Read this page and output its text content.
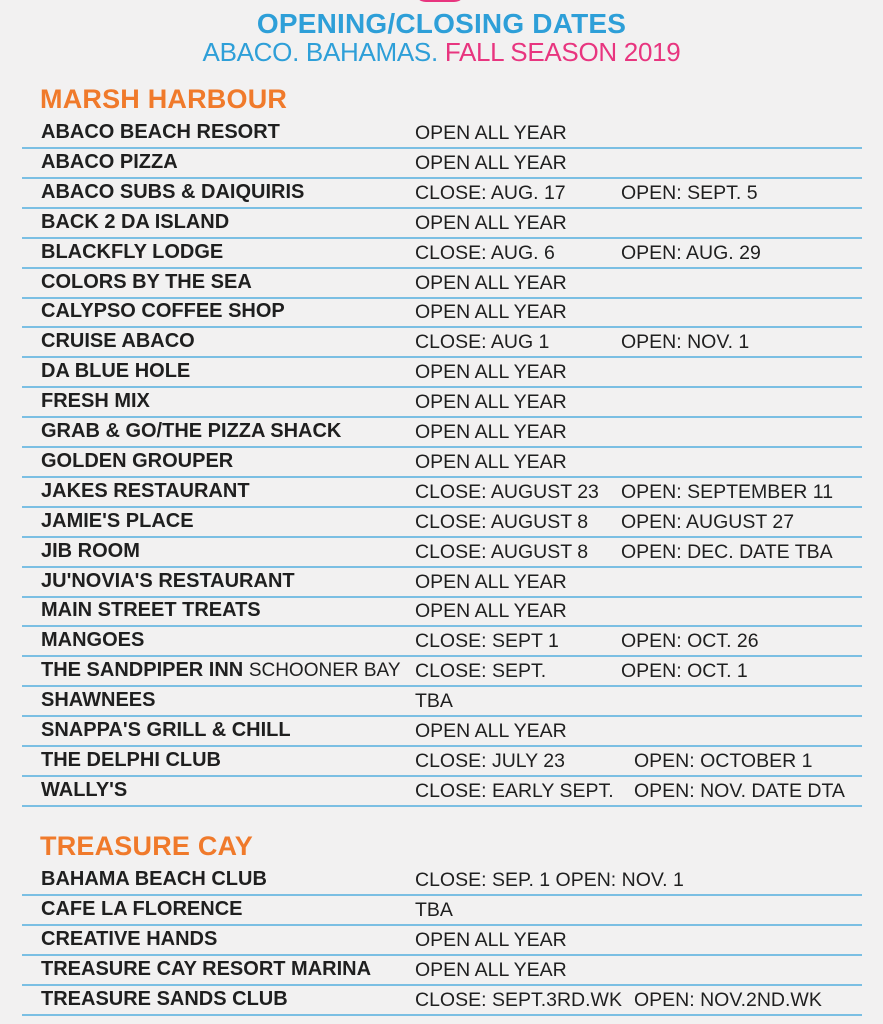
OPENING/CLOSING DATES
ABACO. BAHAMAS. FALL SEASON 2019
MARSH HARBOUR
ABACO BEACH RESORT	OPEN ALL YEAR
ABACO PIZZA	OPEN ALL YEAR
ABACO SUBS & DAIQUIRIS	CLOSE: AUG. 17	OPEN: SEPT. 5
BACK 2 DA ISLAND	OPEN ALL YEAR
BLACKFLY LODGE	CLOSE: AUG. 6	OPEN: AUG. 29
COLORS BY THE SEA	OPEN ALL YEAR
CALYPSO COFFEE SHOP	OPEN ALL YEAR
CRUISE ABACO	CLOSE: AUG 1	OPEN: NOV. 1
DA BLUE HOLE	OPEN ALL YEAR
FRESH MIX	OPEN ALL YEAR
GRAB & GO/THE PIZZA SHACK	OPEN ALL YEAR
GOLDEN GROUPER	OPEN ALL YEAR
JAKES RESTAURANT	CLOSE: AUGUST 23 OPEN: SEPTEMBER 11
JAMIE'S PLACE	CLOSE: AUGUST 8 OPEN: AUGUST 27
JIB ROOM	CLOSE: AUGUST 8 OPEN: DEC. DATE TBA
JU'NOVIA'S RESTAURANT	OPEN ALL YEAR
MAIN STREET TREATS	OPEN ALL YEAR
MANGOES	CLOSE: SEPT 1	OPEN: OCT. 26
THE SANDPIPER INN SCHOONER BAY CLOSE: SEPT.	OPEN: OCT. 1
SHAWNEES	TBA
SNAPPA'S GRILL & CHILL	OPEN ALL YEAR
THE DELPHI CLUB	CLOSE: JULY 23	OPEN: OCTOBER 1
WALLY'S	CLOSE: EARLY SEPT. OPEN: NOV. DATE DTA
TREASURE CAY
BAHAMA BEACH CLUB	CLOSE: SEP. 1 OPEN: NOV. 1
CAFE LA FLORENCE	TBA
CREATIVE HANDS	OPEN ALL YEAR
TREASURE CAY RESORT MARINA OPEN ALL YEAR
TREASURE SANDS CLUB	CLOSE: SEPT.3RD.WK OPEN: NOV.2ND.WK
